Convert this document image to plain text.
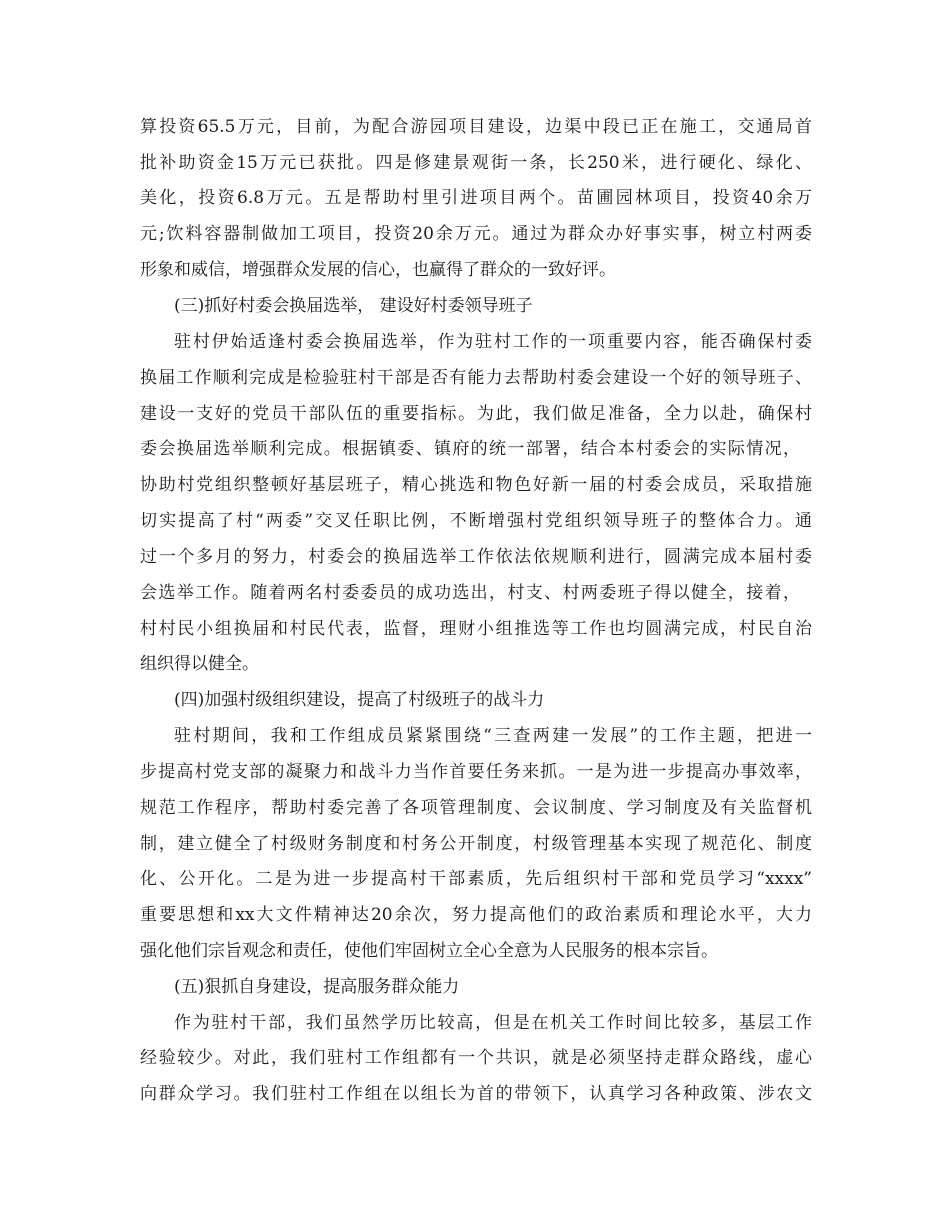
算投资65.5万元，目前，为配合游园项目建设，边渠中段已正在施工，交通局首

批补助资金15万元已获批。四是修建景观街一条，长250米，进行硬化、绿化、

美化，投资6.8万元。五是帮助村里引进项目两个。苗圃园林项目，投资40余万

元;饮料容器制做加工项目，投资20余万元。通过为群众办好事实事，树立村两委

形象和威信，增强群众发展的信心，也赢得了群众的一致好评。

(三)抓好村委会换届选举， 建设好村委领导班子

驻村伊始适逢村委会换届选举，作为驻村工作的一项重要内容，能否确保村委

换届工作顺利完成是检验驻村干部是否有能力去帮助村委会建设一个好的领导班子、

建设一支好的党员干部队伍的重要指标。为此，我们做足准备，全力以赴，确保村

委会换届选举顺利完成。根据镇委、镇府的统一部署，结合本村委会的实际情况，

协助村党组织整顿好基层班子，精心挑选和物色好新一届的村委会成员，采取措施

切实提高了村“两委”交叉任职比例，不断增强村党组织领导班子的整体合力。通

过一个多月的努力，村委会的换届选举工作依法依规顺利进行，圆满完成本届村委

会选举工作。随着两名村委委员的成功选出，村支、村两委班子得以健全，接着，

村村民小组换届和村民代表，监督，理财小组推选等工作也均圆满完成，村民自治

组织得以健全。

(四)加强村级组织建设，提高了村级班子的战斗力

驻村期间，我和工作组成员紧紧围绕“三查两建一发展”的工作主题，把进一

步提高村党支部的凝聚力和战斗力当作首要任务来抓。一是为进一步提高办事效率，

规范工作程序，帮助村委完善了各项管理制度、会议制度、学习制度及有关监督机

制，建立健全了村级财务制度和村务公开制度，村级管理基本实现了规范化、制度

化、公开化。二是为进一步提高村干部素质，先后组织村干部和党员学习“xxxx”

重要思想和xx大文件精神达20余次，努力提高他们的政治素质和理论水平，大力

强化他们宗旨观念和责任，使他们牢固树立全心全意为人民服务的根本宗旨。

(五)狠抓自身建设，提高服务群众能力

作为驻村干部，我们虽然学历比较高，但是在机关工作时间比较多，基层工作

经验较少。对此，我们驻村工作组都有一个共识，就是必须坚持走群众路线，虚心

向群众学习。我们驻村工作组在以组长为首的带领下，认真学习各种政策、涉农文
